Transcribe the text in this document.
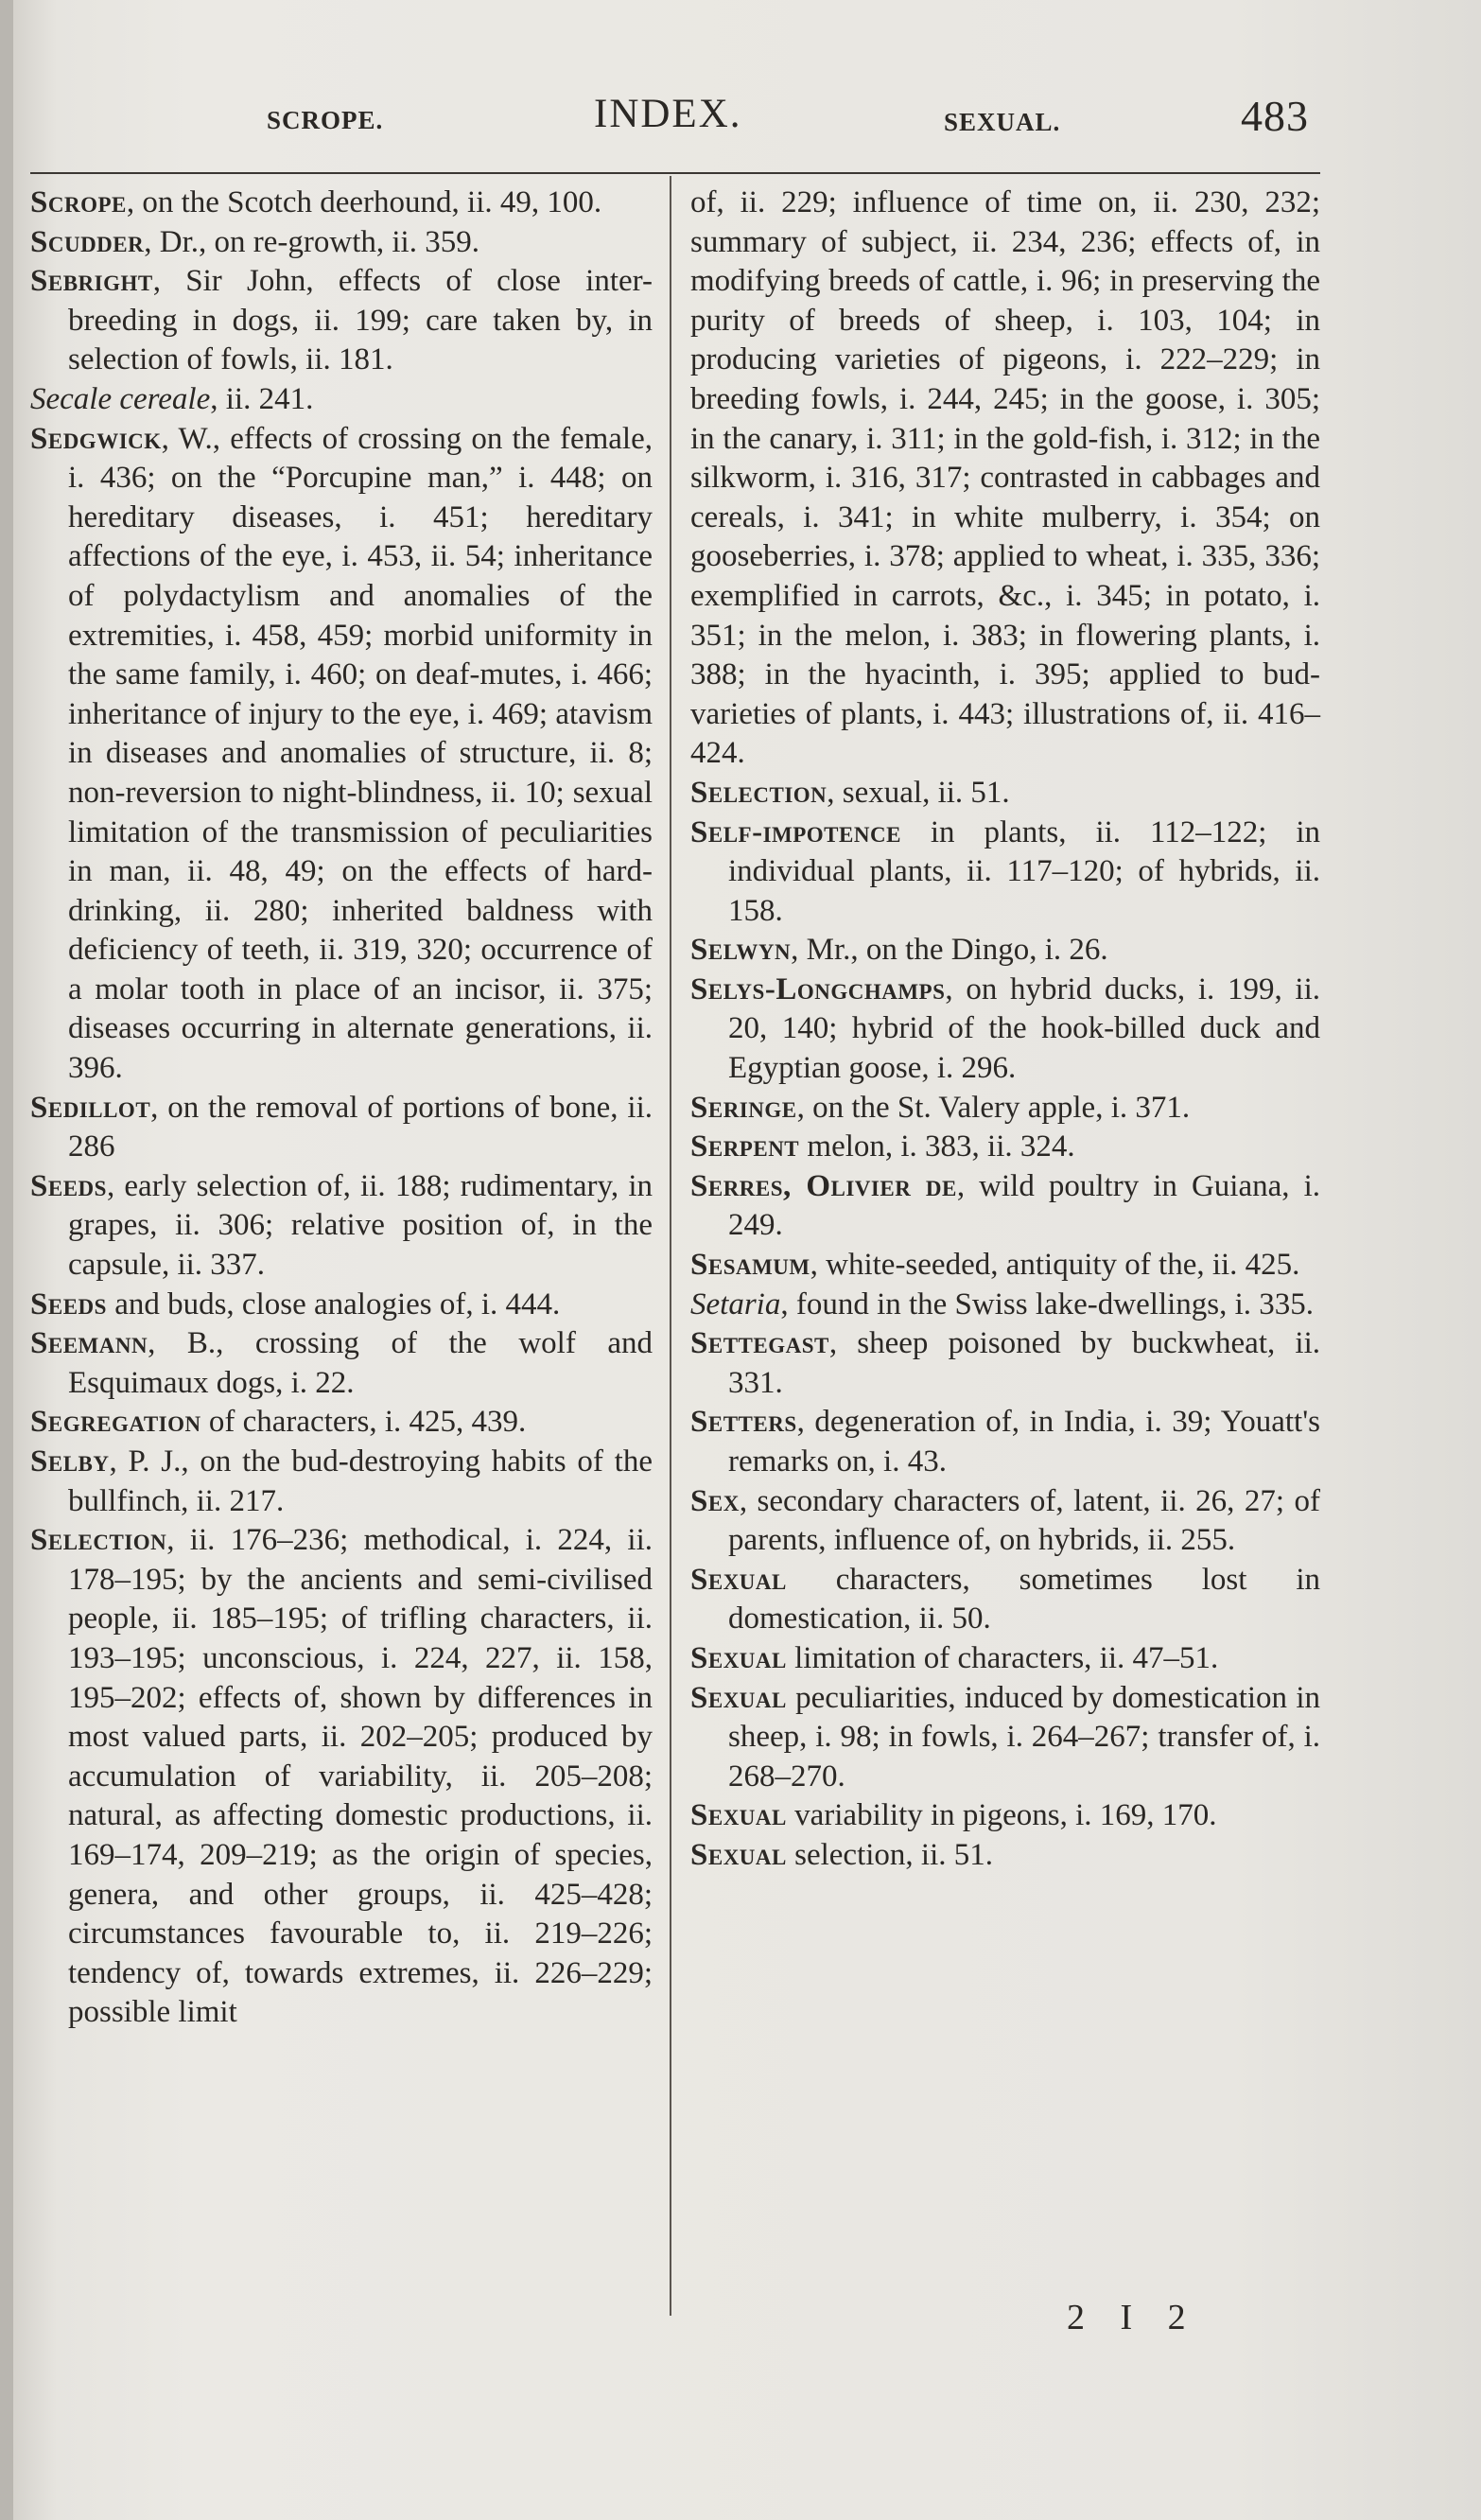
SCROPE.	INDEX.	SEXUAL.	483

Scrope, on the Scotch deerhound, ii. 49, 100.

Scudder, Dr., on re-growth, ii. 359.

Sebright, Sir John, effects of close inter-breeding in dogs, ii. 199; care taken by, in selection of fowls, ii. 181.

Secale cereale, ii. 241.

Sedgwick, W., effects of crossing on the female, i. 436; on the “Porcupine man,” i. 448; on hereditary diseases, i. 451; hereditary affections of the eye, i. 453, ii. 54; inheritance of polydactylism and anomalies of the extremities, i. 458, 459; morbid uniformity in the same family, i. 460; on deaf-mutes, i. 466; inheritance of injury to the eye, i. 469; atavism in diseases and anomalies of structure, ii. 8; non-reversion to night-blindness, ii. 10; sexual limitation of the transmission of peculiarities in man, ii. 48, 49; on the effects of hard-drinking, ii. 280; inherited baldness with deficiency of teeth, ii. 319, 320; occurrence of a molar tooth in place of an incisor, ii. 375; diseases occurring in alternate generations, ii. 396.

Sedillot, on the removal of portions of bone, ii. 286

Seeds, early selection of, ii. 188; rudimentary, in grapes, ii. 306; relative position of, in the capsule, ii. 337.

Seeds and buds, close analogies of, i. 444.

Seemann, B., crossing of the wolf and Esquimaux dogs, i. 22.

Segregation of characters, i. 425, 439.

Selby, P. J., on the bud-destroying habits of the bullfinch, ii. 217.

Selection, ii. 176–236; methodical, i. 224, ii. 178–195; by the ancients and semi-civilised people, ii. 185–195; of trifling characters, ii. 193–195; unconscious, i. 224, 227, ii. 158, 195–202; effects of, shown by differences in most valued parts, ii. 202–205; produced by accumulation of variability, ii. 205–208; natural, as affecting domestic productions, ii. 169–174, 209–219; as the origin of species, genera, and other groups, ii. 425–428; circumstances favourable to, ii. 219–226; tendency of, towards extremes, ii. 226–229; possible limit

of, ii. 229; influence of time on, ii. 230, 232; summary of subject, ii. 234, 236; effects of, in modifying breeds of cattle, i. 96; in preserving the purity of breeds of sheep, i. 103, 104; in producing varieties of pigeons, i. 222–229; in breeding fowls, i. 244, 245; in the goose, i. 305; in the canary, i. 311; in the gold-fish, i. 312; in the silkworm, i. 316, 317; contrasted in cabbages and cereals, i. 341; in white mulberry, i. 354; on gooseberries, i. 378; applied to wheat, i. 335, 336; exemplified in carrots, &c., i. 345; in potato, i. 351; in the melon, i. 383; in flowering plants, i. 388; in the hyacinth, i. 395; applied to bud-varieties of plants, i. 443; illustrations of, ii. 416–424.

Selection, sexual, ii. 51.

Self-impotence in plants, ii. 112–122; in individual plants, ii. 117–120; of hybrids, ii. 158.

Selwyn, Mr., on the Dingo, i. 26.

Selys-Longchamps, on hybrid ducks, i. 199, ii. 20, 140; hybrid of the hook-billed duck and Egyptian goose, i. 296.

Seringe, on the St. Valery apple, i. 371.

Serpent melon, i. 383, ii. 324.

Serres, Olivier de, wild poultry in Guiana, i. 249.

Sesamum, white-seeded, antiquity of the, ii. 425.

Setaria, found in the Swiss lake-dwellings, i. 335.

Settegast, sheep poisoned by buckwheat, ii. 331.

Setters, degeneration of, in India, i. 39; Youatt's remarks on, i. 43.

Sex, secondary characters of, latent, ii. 26, 27; of parents, influence of, on hybrids, ii. 255.

Sexual characters, sometimes lost in domestication, ii. 50.

Sexual limitation of characters, ii. 47–51.

Sexual peculiarities, induced by domestication in sheep, i. 98; in fowls, i. 264–267; transfer of, i. 268–270.

Sexual variability in pigeons, i. 169, 170.

Sexual selection, ii. 51.

2 I 2
